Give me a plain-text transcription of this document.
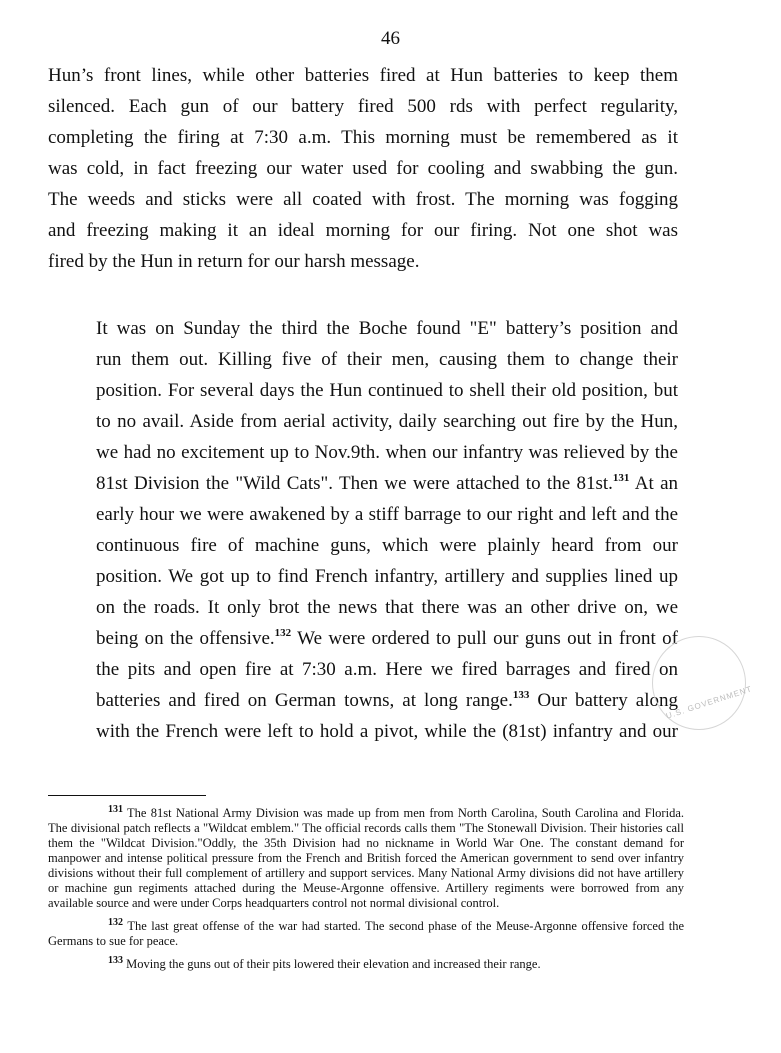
46
Hun’s front lines, while other batteries fired at Hun batteries to keep them
silenced. Each gun of our battery fired 500 rds with perfect regularity,
completing the firing at 7:30 a.m. This morning must be remembered as it
was cold, in fact freezing our water used for cooling and swabbing the gun.
The weeds and sticks were all coated with frost. The morning was fogging
and freezing making it an ideal morning for our firing. Not one shot was
fired by the Hun in return for our harsh message.
It was on Sunday the third the Boche found "E" battery’s position and
run them out. Killing five of their men, causing them to change their
position. For several days the Hun continued to shell their old position, but
to no avail. Aside from aerial activity, daily searching out fire by the Hun,
we had no excitement up to Nov.9th. when our infantry was relieved by the
81st Division the "Wild Cats". Then we were attached to the 81st.$^{131}$ At an
early hour we were awakened by a stiff barrage to our right and left and the
continuous fire of machine guns, which were plainly heard from our
position. We got up to find French infantry, artillery and supplies lined up
on the roads. It only brot the news that there was an other drive on, we
being on the offensive.$^{132}$ We were ordered to pull our guns out in front of
the pits and open fire at 7:30 a.m. Here we fired barrages and fired on
batteries and fired on German towns, at long range.$^{133}$ Our battery along
with the French were left to hold a pivot, while the (81st) infantry and our

$^{131}$ The 81st National Army Division was made up from men from North Carolina, South Carolina and Florida. The divisional patch reflects a "Wildcat emblem." The official records calls them "The Stonewall Division. Their histories call them the "Wildcat Division."Oddly, the 35th Division had no nickname in World War One. The constant demand for manpower and intense political pressure from the French and British forced the American government to send over infantry divisions without their full complement of artillery and support services. Many National Army divisions did not have artillery or machine gun regiments attached during the Meuse-Argonne offensive. Artillery regiments were borrowed from any available source and were under Corps headquarters control not normal divisional control.

$^{132}$ The last great offense of the war had started. The second phase of the Meuse-Argonne offensive forced the Germans to sue for peace.

$^{133}$ Moving the guns out of their pits lowered their elevation and increased their range.

U.S. GOVERNMENT
